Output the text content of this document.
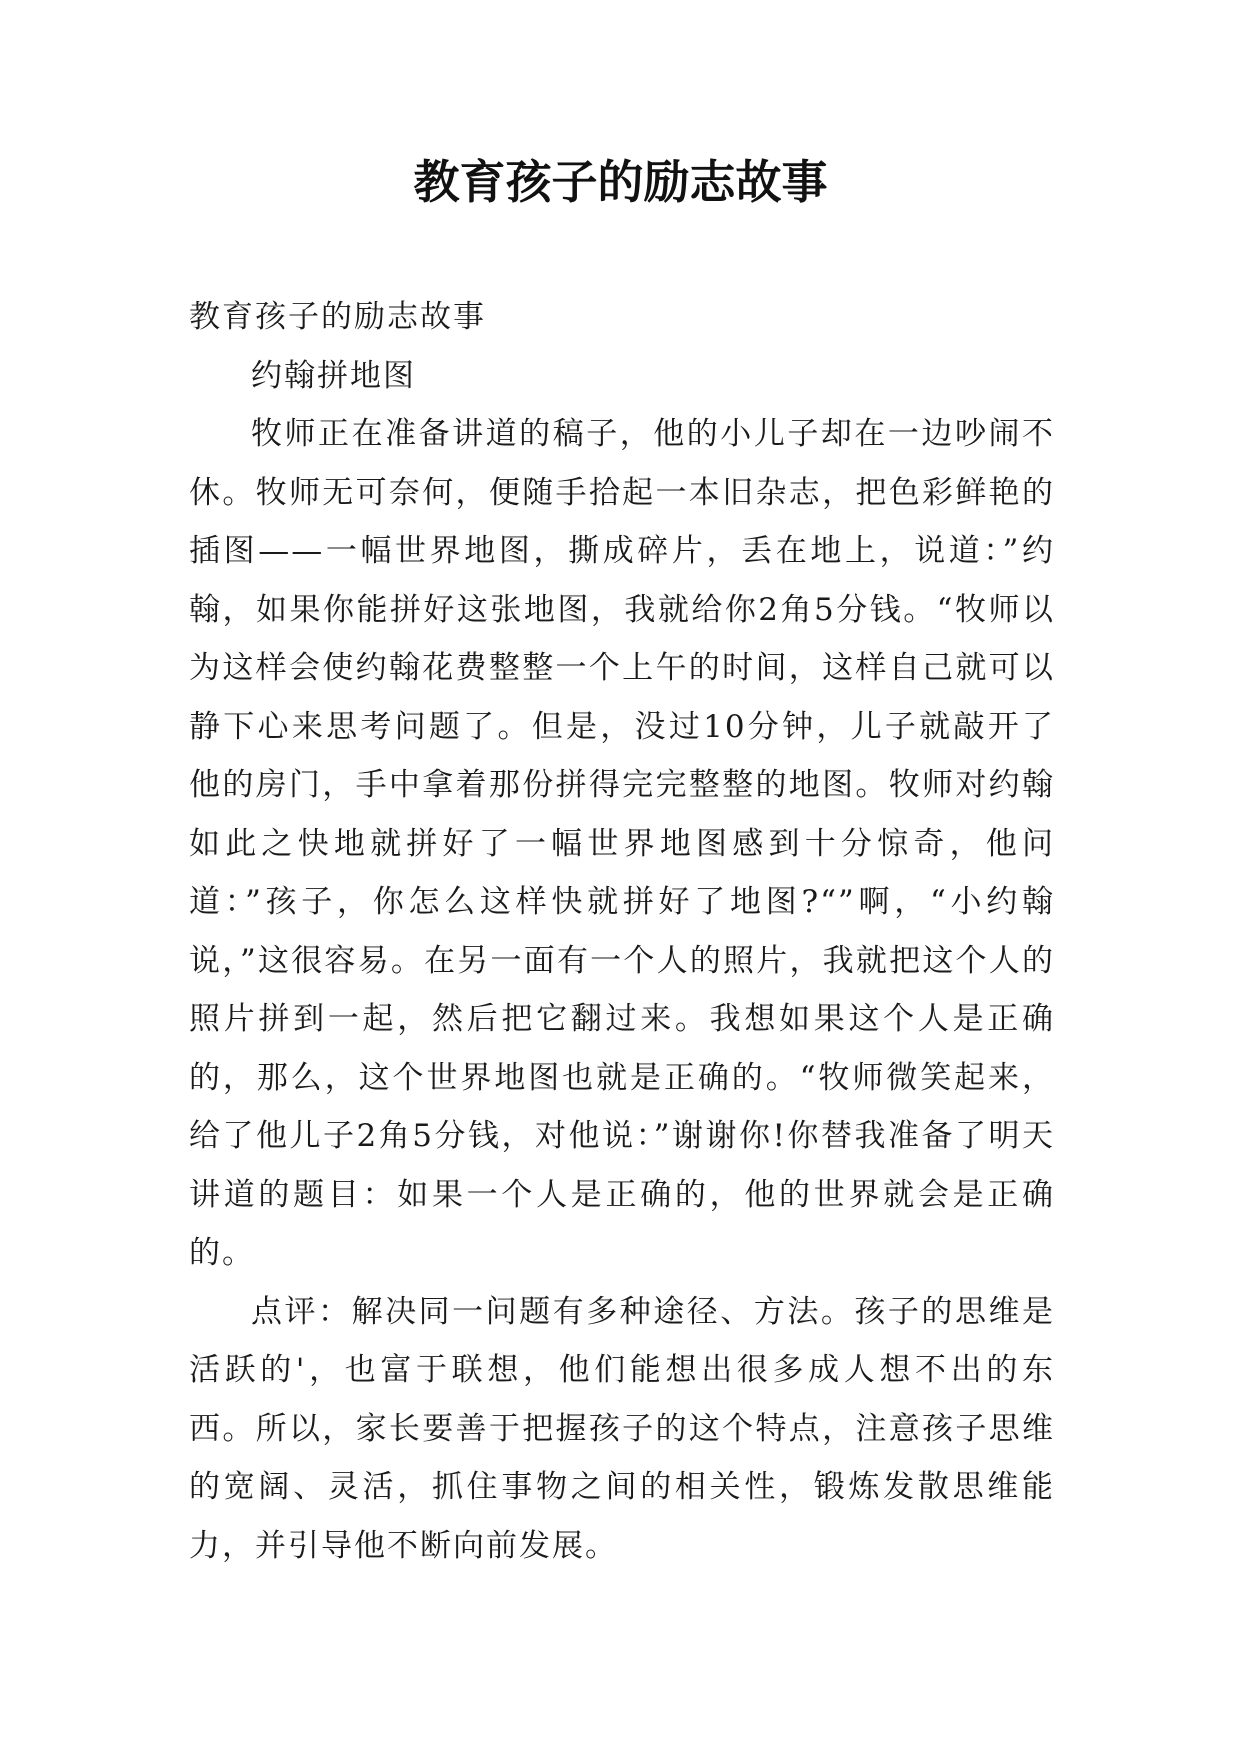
教育孩子的励志故事

教育孩子的励志故事

约翰拼地图

牧师正在准备讲道的稿子，他的小儿子却在一边吵闹不休。牧师无可奈何，便随手拾起一本旧杂志，把色彩鲜艳的插图——一幅世界地图，撕成碎片，丢在地上，说道：”约翰，如果你能拼好这张地图，我就给你2角5分钱。“牧师以为这样会使约翰花费整整一个上午的时间，这样自己就可以静下心来思考问题了。但是，没过10分钟，儿子就敲开了他的房门，手中拿着那份拼得完完整整的地图。牧师对约翰如此之快地就拼好了一幅世界地图感到十分惊奇，他问道：”孩子，你怎么这样快就拼好了地图?“”啊，“小约翰说，”这很容易。在另一面有一个人的照片，我就把这个人的照片拼到一起，然后把它翻过来。我想如果这个人是正确的，那么，这个世界地图也就是正确的。“牧师微笑起来，给了他儿子2角5分钱，对他说：”谢谢你!你替我准备了明天讲道的题目：如果一个人是正确的，他的世界就会是正确的。

点评：解决同一问题有多种途径、方法。孩子的思维是活跃的'，也富于联想，他们能想出很多成人想不出的东西。所以，家长要善于把握孩子的这个特点，注意孩子思维的宽阔、灵活，抓住事物之间的相关性，锻炼发散思维能力，并引导他不断向前发展。
